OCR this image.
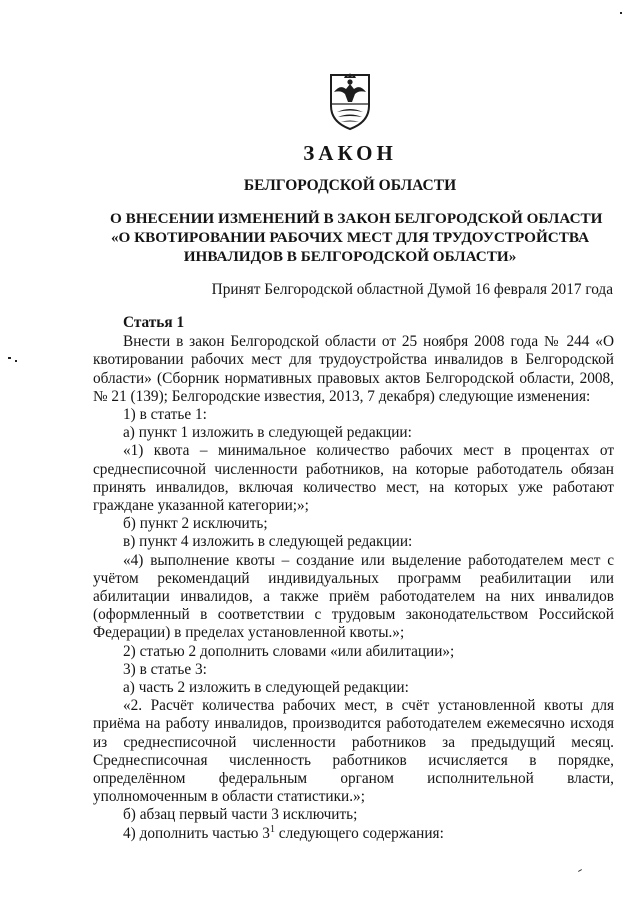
ЗАКОН
БЕЛГОРОДСКОЙ ОБЛАСТИ
О ВНЕСЕНИИ ИЗМЕНЕНИЙ В ЗАКОН БЕЛГОРОДСКОЙ ОБЛАСТИ
«О КВОТИРОВАНИИ РАБОЧИХ МЕСТ ДЛЯ ТРУДОУСТРОЙСТВА
ИНВАЛИДОВ В БЕЛГОРОДСКОЙ ОБЛАСТИ»
Принят Белгородской областной Думой 16 февраля 2017 года
Статья 1
Внести в закон Белгородской области от 25 ноября 2008 года № 244 «О квотировании рабочих мест для трудоустройства инвалидов в Белгородской области» (Сборник нормативных правовых актов Белгородской области, 2008, № 21 (139); Белгородские известия, 2013, 7 декабря) следующие изменения:
1) в статье 1:
а) пункт 1 изложить в следующей редакции:
«1) квота – минимальное количество рабочих мест в процентах от среднесписочной численности работников, на которые работодатель обязан принять инвалидов, включая количество мест, на которых уже работают граждане указанной категории;»;
б) пункт 2 исключить;
в) пункт 4 изложить в следующей редакции:
«4) выполнение квоты – создание или выделение работодателем мест с учётом рекомендаций индивидуальных программ реабилитации или абилитации инвалидов, а также приём работодателем на них инвалидов (оформленный в соответствии с трудовым законодательством Российской Федерации) в пределах установленной квоты.»;
2) статью 2 дополнить словами «или абилитации»;
3) в статье 3:
а) часть 2 изложить в следующей редакции:
«2. Расчёт количества рабочих мест, в счёт установленной квоты для приёма на работу инвалидов, производится работодателем ежемесячно исходя из среднесписочной численности работников за предыдущий месяц. Среднесписочная численность работников исчисляется в порядке, определённом федеральным органом исполнительной власти, уполномоченным в области статистики.»;
б) абзац первый части 3 исключить;
4) дополнить частью $3^1$ следующего содержания:
